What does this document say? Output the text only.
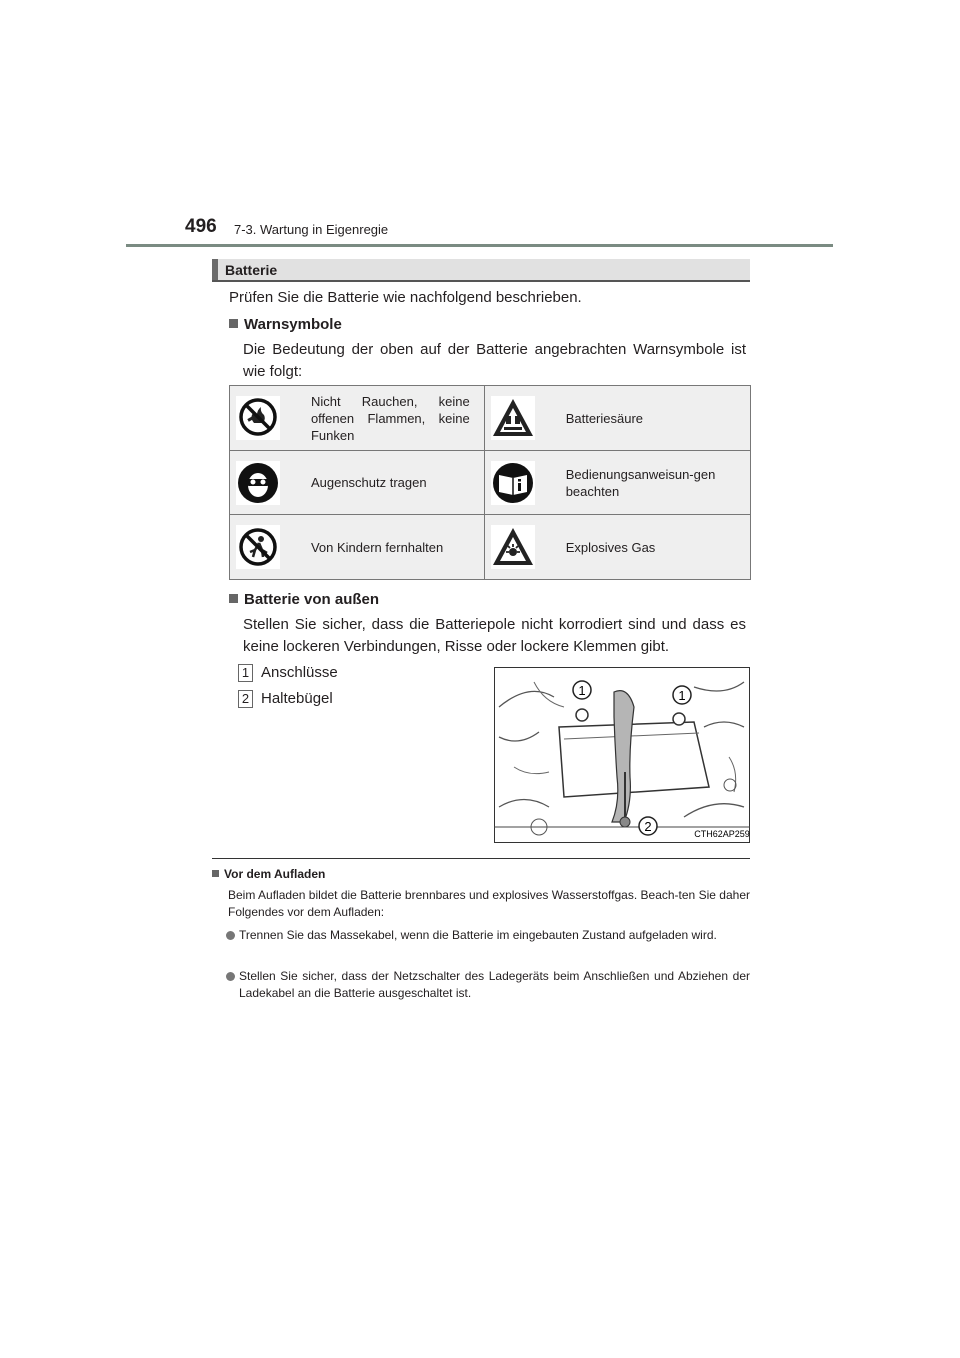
496 7-3. Wartung in Eigenregie
Batterie
Prüfen Sie die Batterie wie nachfolgend beschrieben.
Warnsymbole
Die Bedeutung der oben auf der Batterie angebrachten Warnsymbole ist wie folgt:
	Nicht Rauchen, keine offenen Flammen, keine Funken		Batteriesäure

	Augenschutz tragen		Bedienungsanweisun-gen beachten

	Von Kindern fernhalten		Explosives Gas
Batterie von außen
Stellen Sie sicher, dass die Batteriepole nicht korrodiert sind und dass es keine lockeren Verbindungen, Risse oder lockere Klemmen gibt.
1 Anschlüsse
2 Haltebügel	1	1
2	CTH62AP259
Vor dem Aufladen
Beim Aufladen bildet die Batterie brennbares und explosives Wasserstoffgas. Beach-ten Sie daher Folgendes vor dem Aufladen:
Trennen Sie das Massekabel, wenn die Batterie im eingebauten Zustand aufgeladen wird.
Stellen Sie sicher, dass der Netzschalter des Ladegeräts beim Anschließen und Abziehen der Ladekabel an die Batterie ausgeschaltet ist.
